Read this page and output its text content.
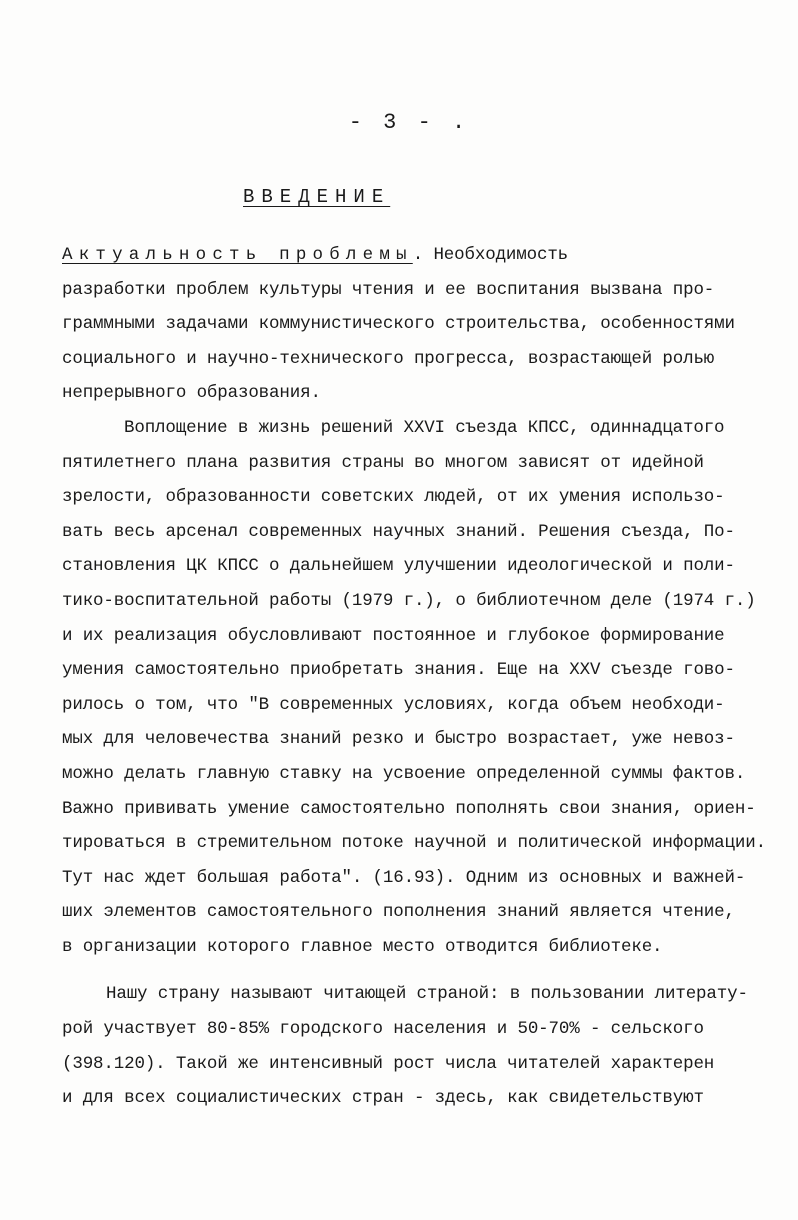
- 3 - .
ВВЕДЕНИЕ
Актуальность проблемы. Необходимость
разработки проблем культуры чтения и ее воспитания вызвана про-
граммными задачами коммунистического строительства, особенностями
социального и научно-технического прогресса, возрастающей ролью
непрерывного образования.
Воплощение в жизнь решений XXVI съезда КПСС, одиннадцатого
пятилетнего плана развития страны во многом зависят от идейной
зрелости, образованности советских людей, от их умения использо-
вать весь арсенал современных научных знаний. Решения съезда, По-
становления ЦК КПСС о дальнейшем улучшении идеологической и поли-
тико-воспитательной работы (1979 г.), о библиотечном деле (1974 г.)
и их реализация обусловливают постоянное и глубокое формирование
умения самостоятельно приобретать знания. Еще на XXV съезде гово-
рилось о том, что "В современных условиях, когда объем необходи-
мых для человечества знаний резко и быстро возрастает, уже невоз-
можно делать главную ставку на усвоение определенной суммы фактов.
Важно прививать умение самостоятельно пополнять свои знания, ориен-
тироваться в стремительном потоке научной и политической информации.
Тут нас ждет большая работа". (16.93). Одним из основных и важней-
ших элементов самостоятельного пополнения знаний является чтение,
в организации которого главное место отводится библиотеке.
Нашу страну называют читающей страной: в пользовании литерату-
рой участвует 80-85% городского населения и 50-70% - сельского
(398.120). Такой же интенсивный рост числа читателей характерен
и для всех социалистических стран - здесь, как свидетельствуют
